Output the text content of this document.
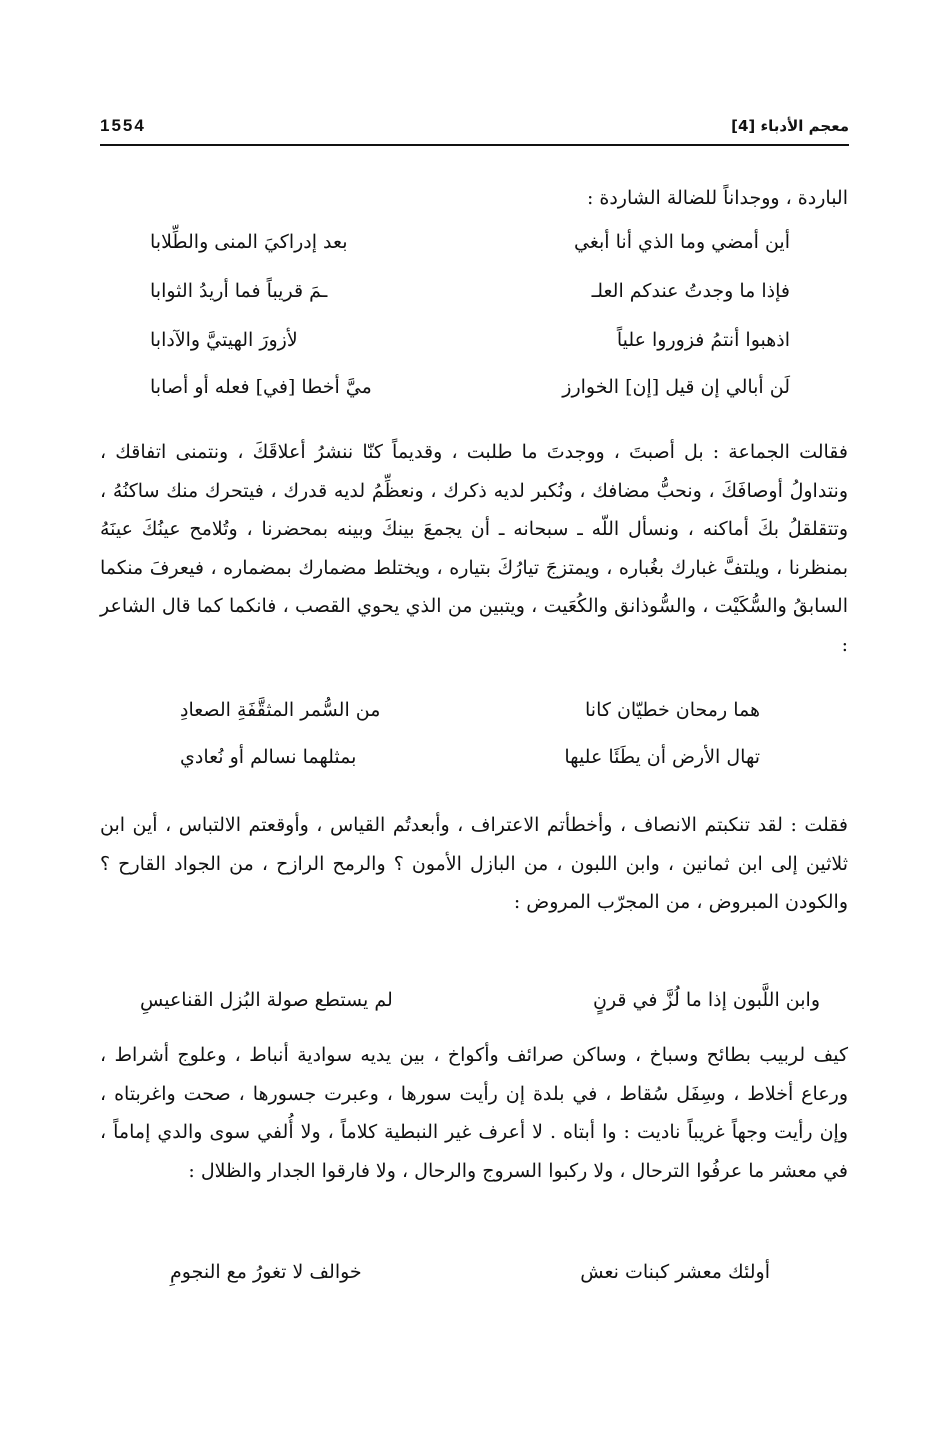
1554	معجم الأدباء [4]

الباردة ، ووجداناً للضالة الشاردة :

أين أمضي وما الذي أنا أبغي
بعد إدراكيَ المنى والطِّلابا
فإذا ما وجدتُ عندكم العلـ
ـمَ قريباً فما أريدُ الثوابا
اذهبوا أنتمُ فزوروا علياً
لأزورَ الهيتيَّ والآدابا
لَن أبالي إن قيل [إن] الخوارز
ميَّ أخطا [في] فعله أو أصابا

فقالت الجماعة : بل أصبتَ ، ووجدتَ ما طلبت ، وقديماً كنّا ننشرُ أعلاقَكَ ، ونتمنى اتفاقك ، ونتداولُ أوصافَكَ ، ونحبُّ مضافك ، ونُكبر لديه ذكرك ، ونعظِّمُ لديه قدرك ، فيتحرك منك ساكنُهُ ، وتتقلقلُ بكَ أماكنه ، ونسأل اللّه ـ سبحانه ـ أن يجمعَ بينكَ وبينه بمحضرنا ، وتُلامح عينُكَ عينَهُ بمنظرنا ، ويلتفَّ غبارك بغُباره ، ويمتزجَ تيارُكَ بتياره ، ويختلط مضمارك بمضماره ، فيعرفَ منكما السابقُ والسُّكَيْت ، والسُّوذانق والكُعَيت ، ويتبين من الذي يحوي القصب ، فانكما كما قال الشاعر :

هما رمحان خطيّان كانا
من السُّمر المثقَّفَةِ الصعادِ
تهال الأرض أن يطَئَا عليها
بمثلهما نسالم أو نُعادي

فقلت : لقد تنكبتم الانصاف ، وأخطأتم الاعتراف ، وأبعدتُم القياس ، وأوقعتم الالتباس ، أين ابن ثلاثين إلى ابن ثمانين ، وابن اللبون ، من البازل الأمون ؟ والرمح الرازح ، من الجواد القارح ؟ والكودن المبروض ، من المجرّب المروض :

وابن اللَّبون إذا ما لُزَّ في قرنٍ
لم يستطع صولة البُزل القناعيسِ

كيف لربيب بطائح وسباخ ، وساكن صرائف وأكواخ ، بين يديه سوادية أنباط ، وعلوج أشراط ، ورعاع أخلاط ، وسِفَل سُقاط ، في بلدة إن رأيت سورها ، وعبرت جسورها ، صحت واغربتاه ، وإن رأيت وجهاً غريباً ناديت : وا أبتاه . لا أعرف غير النبطية كلاماً ، ولا أُلفي سوى والدي إماماً ، في معشر ما عرفُوا الترحال ، ولا ركبوا السروج والرحال ، ولا فارقوا الجدار والظلال :

أولئك معشر كبنات نعش
خوالف لا تغورُ مع النجومِ
